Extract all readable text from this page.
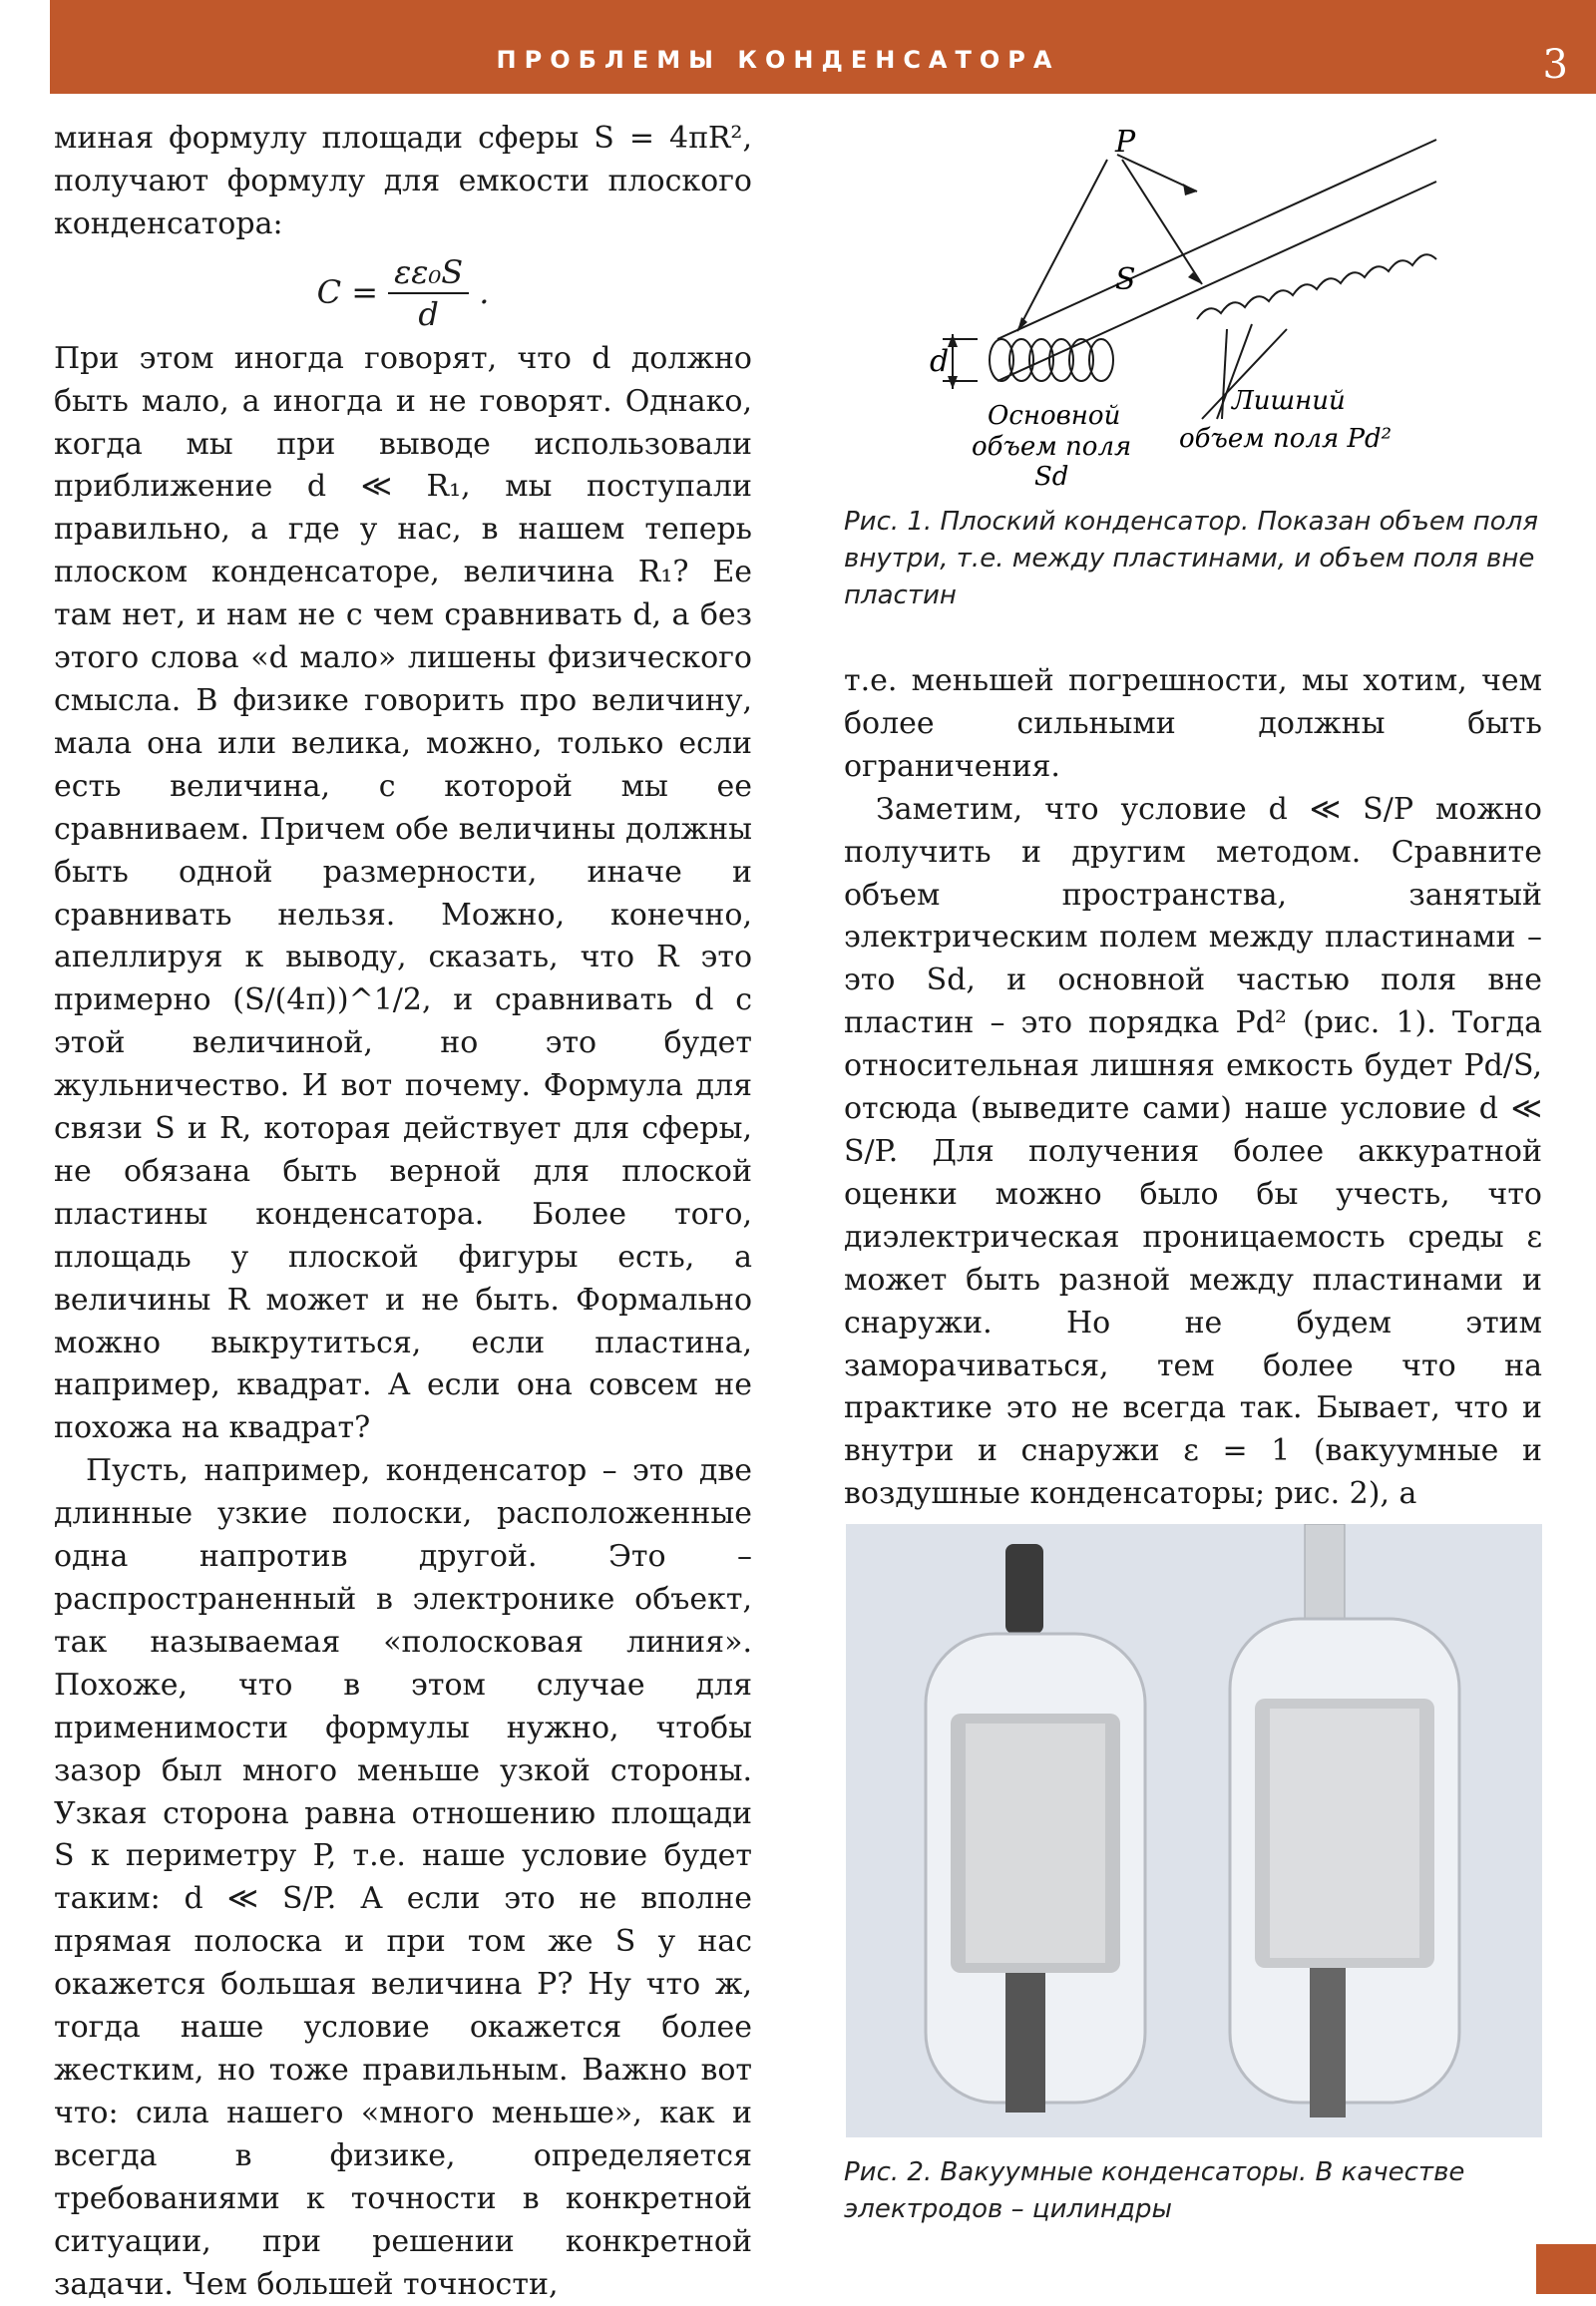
ПРОБЛЕМЫ КОНДЕНСАТОРА	3

миная формулу площади сферы S = 4πR², получают формулу для емкости плоского конденсатора:

$C = \frac{\text{εε₀S}}{d}$ .

При этом иногда говорят, что d должно быть мало, а иногда и не говорят. Однако, когда мы при выводе использовали приближение d ≪ R₁, мы поступали правильно, а где у нас, в нашем теперь плоском конденсаторе, величина R₁? Ее там нет, и нам не с чем сравнивать d, а без этого слова «d мало» лишены физического смысла. В физике говорить про величину, мала она или велика, можно, только если есть величина, с которой мы ее сравниваем. Причем обе величины должны быть одной размерности, иначе и сравнивать нельзя. Можно, конечно, апеллируя к выводу, сказать, что R это примерно (S/(4π))^1/2, и сравнивать d с этой величиной, но это будет жульничество. И вот почему. Формула для связи S и R, которая действует для сферы, не обязана быть верной для плоской пластины конденсатора. Более того, площадь у плоской фигуры есть, а величины R может и не быть. Формально можно выкрутиться, если пластина, например, квадрат. А если она совсем не похожа на квадрат?

Пусть, например, конденсатор – это две длинные узкие полоски, расположенные одна напротив другой. Это – распространенный в электронике объект, так называемая «полосковая линия». Похоже, что в этом случае для применимости формулы нужно, чтобы зазор был много меньше узкой стороны. Узкая сторона равна отношению площади S к периметру P, т.е. наше условие будет таким: d ≪ S/P. А если это не вполне прямая полоска и при том же S у нас окажется большая величина P? Ну что ж, тогда наше условие окажется более жестким, но тоже правильным. Важно вот что: сила нашего «много меньше», как и всегда в физике, определяется требованиями к точности в конкретной ситуации, при решении конкретной задачи. Чем большей точности,

P
S
d
Основной
объем поля
Sd
Лишний
объем поля Pd²
Рис. 1. Плоский конденсатор. Показан объем поля внутри, т.е. между пластинами, и объем поля вне пластин

т.е. меньшей погрешности, мы хотим, чем более сильными должны быть ограничения.

Заметим, что условие d ≪ S/P можно получить и другим методом. Сравните объем пространства, занятый электрическим полем между пластинами – это Sd, и основной частью поля вне пластин – это порядка Pd² (рис. 1). Тогда относительная лишняя емкость будет Pd/S, отсюда (выведите сами) наше условие d ≪ S/P. Для получения более аккуратной оценки можно было бы учесть, что диэлектрическая проницаемость среды ε может быть разной между пластинами и снаружи. Но не будем этим заморачиваться, тем более что на практике это не всегда так. Бывает, что и внутри и снаружи ε = 1 (вакуумные и воздушные конденсаторы; рис. 2), а

Рис. 2. Вакуумные конденсаторы. В качестве электродов – цилиндры
